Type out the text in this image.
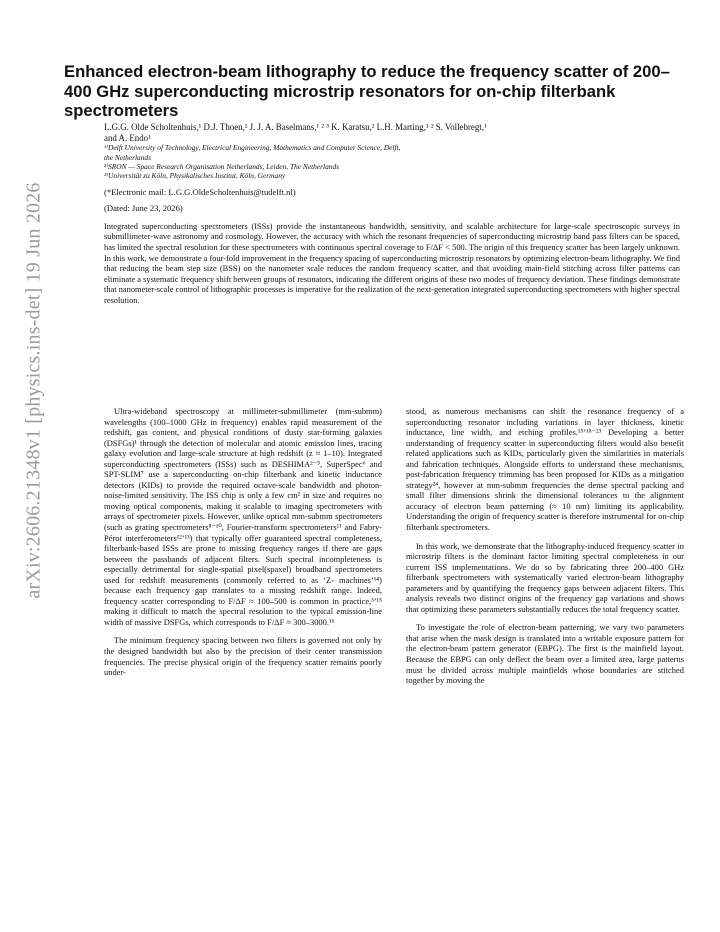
arXiv:2606.21348v1 [physics.ins-det] 19 Jun 2026
Enhanced electron-beam lithography to reduce the frequency scatter of 200–400 GHz superconducting microstrip resonators for on-chip filterbank spectrometers
L.G.G. Olde Scholtenhuis,¹ D.J. Thoen,² J. J. A. Baselmans,¹ ² ³ K. Karatsu,² L.H. Marting,¹ ² S. Vollebregt,¹
and A. Endo¹
¹⁾Delft University of Technology, Electrical Engineering, Mathematics and Computer Science, Delft,
the Netherlands
²⁾SRON — Space Research Organisation Netherlands, Leiden, The Netherlands
³⁾Universität zu Köln, Physikalisches Institut, Köln, Germany
(*Electronic mail: L.G.G.OldeScholtenhuis@tudelft.nl)
(Dated: June 23, 2026)

Integrated superconducting spectrometers (ISSs) provide the instantaneous bandwidth, sensitivity, and scalable architecture for large-scale spectroscopic surveys in submillimeter-wave astronomy and cosmology. However, the accuracy with which the resonant frequencies of superconducting microstrip band pass filters can be spaced, has limited the spectral resolution for these spectrometers with continuous spectral coverage to F/ΔF < 500. The origin of this frequency scatter has been largely unknown. In this work, we demonstrate a four-fold improvement in the frequency spacing of superconducting microstrip resonators by optimizing electron-beam lithography. We find that reducing the beam step size (BSS) on the nanometer scale reduces the random frequency scatter, and that avoiding main-field stitching across filter patterns can eliminate a systematic frequency shift between groups of resonators, indicating the different origins of these two modes of frequency deviation. These findings demonstrate that nanometer-scale control of lithographic processes is imperative for the realization of the next-generation integrated superconducting spectrometers with higher spectral resolution.

Ultra-wideband spectroscopy at millimeter-submillimeter (mm-submm) wavelengths (100–1000 GHz in frequency) enables rapid measurement of the redshift, gas content, and physical conditions of dusty star-forming galaxies (DSFGs)¹ through the detection of molecular and atomic emission lines, tracing galaxy evolution and large-scale structure at high redshift (z ≈ 1–10). Integrated superconducting spectrometers (ISSs) such as DESHIMA²⁻⁵, SuperSpec⁶ and SPT-SLIM⁷ use a superconducting on-chip filterbank and kinetic inductance detectors (KIDs) to provide the required octave-scale bandwidth and photon-noise-limited sensitivity. The ISS chip is only a few cm² in size and requires no moving optical components, making it scalable to imaging spectrometers with arrays of spectrometer pixels. However, unlike optical mm-submm spectrometers (such as grating spectrometers⁸⁻¹⁰, Fourier-transform spectrometers¹¹ and Fabry-Pérot interferometers¹²ʼ¹³) that typically offer guaranteed spectral completeness, filterbank-based ISSs are prone to missing frequency ranges if there are gaps between the passbands of adjacent filters. Such spectral incompleteness is especially detrimental for single-spatial pixel(spaxel) broadband spectrometers used for redshift measurements (commonly referred to as ‘Z- machines’¹⁴) because each frequency gap translates to a missing redshift range. Indeed, frequency scatter corresponding to F/ΔF ≈ 100–500 is common in practice,³ʼ¹⁵ making it difficult to match the spectral resolution to the typical emission-line width of massive DSFGs, which corresponds to F/ΔF ≈ 300–3000.¹⁶

The minimum frequency spacing between two filters is governed not only by the designed bandwidth but also by the precision of their center transmission frequencies. The precise physical origin of the frequency scatter remains poorly under-

stood, as numerous mechanisms can shift the resonance frequency of a superconducting resonator including variations in layer thickness, kinetic inductance, line width, and etching profiles.¹⁵ʼ¹⁸⁻²³ Developing a better understanding of frequency scatter in superconducting filters would also benefit related applications such as KIDs, particularly given the similarities in materials and fabrication techniques. Alongside efforts to understand these mechanisms, post-fabrication frequency trimming has been proposed for KIDs as a mitigation strategy²⁴, however at mm-submm frequencies the dense spectral packing and small filter dimensions shrink the dimensional tolerances to the alignment accuracy of electron beam patterning (≈ 10 nm) limiting its applicability. Understanding the origin of frequency scatter is therefore instrumental for on-chip filterbank spectrometers.

In this work, we demonstrate that the lithography-induced frequency scatter in microstrip filters is the dominant factor limiting spectral completeness in our current ISS implementations. We do so by fabricating three 200–400 GHz filterbank spectrometers with systematically varied electron-beam lithography parameters and by quantifying the frequency gaps between adjacent filters. This analysis reveals two distinct origins of the frequency gap variations and shows that optimizing these parameters substantially reduces the total frequency scatter.

To investigate the role of electron-beam patterning, we vary two parameters that arise when the mask design is translated into a writable exposure pattern for the electron-beam pattern generator (EBPG). The first is the mainfield layout. Because the EBPG can only deflect the beam over a limited area, large patterns must be divided across multiple mainfields whose boundaries are stitched together by moving the
